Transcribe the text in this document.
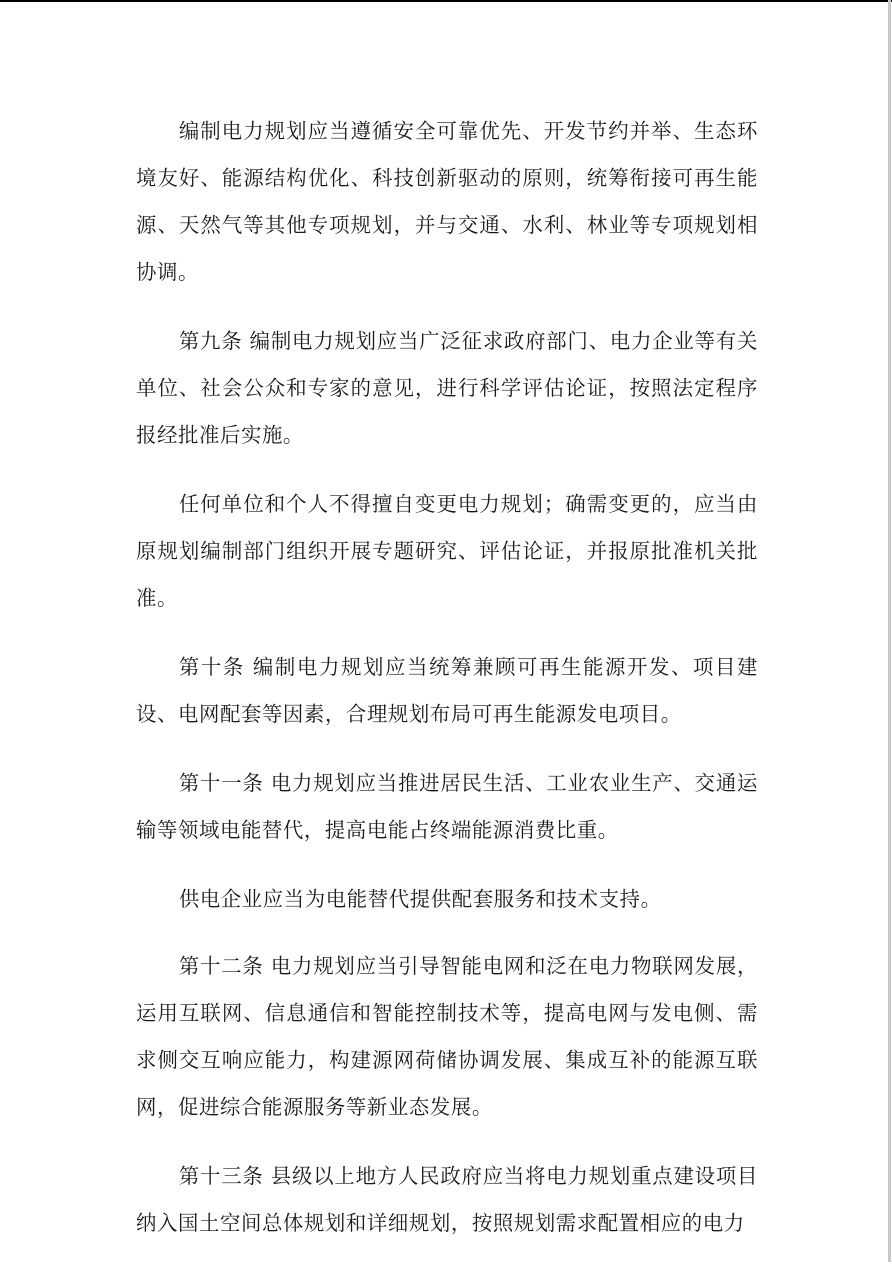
编制电力规划应当遵循安全可靠优先、开发节约并举、生态环境友好、能源结构优化、科技创新驱动的原则，统筹衔接可再生能源、天然气等其他专项规划，并与交通、水利、林业等专项规划相协调。

第九条 编制电力规划应当广泛征求政府部门、电力企业等有关单位、社会公众和专家的意见，进行科学评估论证，按照法定程序报经批准后实施。

任何单位和个人不得擅自变更电力规划；确需变更的，应当由原规划编制部门组织开展专题研究、评估论证，并报原批准机关批准。

第十条 编制电力规划应当统筹兼顾可再生能源开发、项目建设、电网配套等因素，合理规划布局可再生能源发电项目。

第十一条 电力规划应当推进居民生活、工业农业生产、交通运输等领域电能替代，提高电能占终端能源消费比重。

供电企业应当为电能替代提供配套服务和技术支持。

第十二条 电力规划应当引导智能电网和泛在电力物联网发展，运用互联网、信息通信和智能控制技术等，提高电网与发电侧、需求侧交互响应能力，构建源网荷储协调发展、集成互补的能源互联网，促进综合能源服务等新业态发展。

第十三条 县级以上地方人民政府应当将电力规划重点建设项目纳入国土空间总体规划和详细规划，按照规划需求配置相应的电力
